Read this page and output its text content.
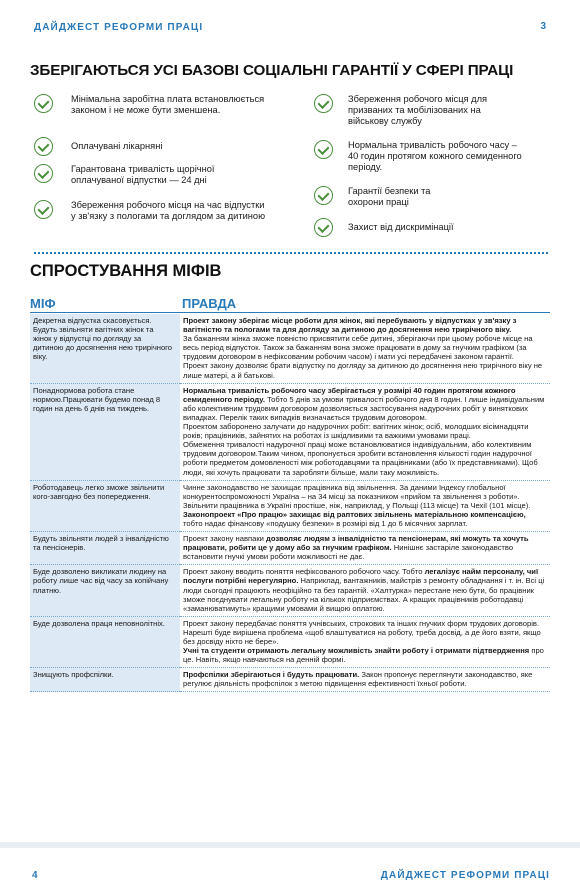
ДАЙДЖЕСТ РЕФОРМИ ПРАЦІ	3
ЗБЕРІГАЮТЬСЯ УСІ БАЗОВІ СОЦІАЛЬНІ ГАРАНТІЇ У СФЕРІ ПРАЦІ
Мінімальна заробітна плата встановлюється законом і не може бути зменшена.
Оплачувані лікарняні
Гарантована тривалість щорічної оплачуваної відпустки — 24 дні
Збереження робочого місця на час відпустки у зв'язку з пологами та доглядом за дитиною
Збереження робочого місця для призваних та мобілізованих на військову службу
Нормальна тривалість робочого часу – 40 годин протягом кожного семиденного періоду.
Гарантії безпеки та охорони праці
Захист від дискримінації
СПРОСТУВАННЯ МІФІВ
МІФ	ПРАВДА
Декретна відпустка скасовується. Будуть звільняти вагітних жінок та жінок у відпустці по догляду за дитиною до досягнення нею трирічного віку.	Проект закону зберігає місце роботи для жінок, які перебувають у відпустках у зв'язку з вагітністю та пологами та для догляду за дитиною до досягнення нею трирічного віку.

За бажанням жінка зможе повністю присвятити себе дитині, зберігаючи при цьому робоче місце на весь період відпусток. Також за бажанням вона зможе працювати в дому за гнучким графіком (за трудовим договором в нефіксованим робочим часом) і мати усі передбачені законом гарантії.

Проект закону дозволяє брати відпустку по догляду за дитиною до досягнення нею трирічного віку не лише матері, а й батькові.

Понаднормова робота стане нормою.Працювати будемо понад 8 годин на день 6 днів на тиждень.	Нормальна тривалість робочого часу зберігається у розмірі 40 годин протягом кожного семиденного періоду. Тобто 5 днів за умови тривалості робочого дня 8 годин. І лише індивідуальним або колективним трудовим договором дозволяється застосування надурочних робіт у виняткових випадках. Перелік таких випадків визначається трудовим договором.

Проектом заборонено залучати до надурочних робіт: вагітних жінок; осіб, молодших вісімнадцяти років; працівників, зайнятих на роботах із шкідливими та важкими умовами праці.

Обмеження тривалості надурочної праці може встановлюватися індивідуальним, або колективним трудовим договором.Таким чином, пропонується зробити встановлення кількості годин надурочної роботи предметом домовленості між роботодавцями та працівниками (або їх представниками). Щоб люди, які хочуть працювати та заробляти більше, мали таку можливість.

Роботодавець легко зможе звільнити кого-завгодно без попередження.	Чинне законодавство не захищає працівника від звільнення. За даними Індексу глобальної конкурентоспроможності Україна – на 34 місці за показником «прийом та звільнення з роботи». Звільнити працівника в Україні простіше, ніж, наприклад, у Польщі (113 місце) та Чехії (101 місце). Законопроект «Про працю» захищає від раптових звільнень матеріальною компенсацією, тобто надає фінансову «подушку безпеки» в розмірі від 1 до 6 місячних зарплат.

Будуть звільняти людей з інвалідністю та пенсіонерів.	Проект закону навпаки дозволяє людям з інвалідністю та пенсіонерам, які можуть та хочуть працювати, робити це у дому або за гнучким графіком. Нинішнє застаріле законодавство встановити гнучкі умови роботи можливості не дає.

Буде дозволено викликати людину на роботу лише час від часу за копійчану платню.	Проект закону вводить поняття нефіксованого робочого часу. Тобто легалізує найм персоналу, чиї послуги потрібні нерегулярно. Наприклад, вантажників, майстрів з ремонту обладнання і т. ін. Всі ці люди сьогодні працюють неофіційно та без гарантій. «Халтурка» перестане нею бути, бо працівник зможе поєднувати легальну роботу на кількох підприємствах. А кращих працівників роботодавці «заманюватимуть» кращими умовами й вищою оплатою.

Буде дозволена праця неповнолітніх.	Проект закону передбачає поняття учнівських, строкових та інших гнучких форм трудових договорів. Нарешті буде вирішена проблема «щоб влаштуватися на роботу, треба досвід, а де його взяти, якщо без досвіду ніхто не бере».

Учні та студенти отримають легальну можливість знайти роботу і отримати підтвердження про це. Навіть, якщо навчаються на денній формі.

Знищують профспілки.	Профспілки зберігаються і будуть працювати. Закон пропонує переглянути законодавство, яке регулює діяльність профспілок з метою підвищення ефективності їхньої роботи.

4	ДАЙДЖЕСТ РЕФОРМИ ПРАЦІ
